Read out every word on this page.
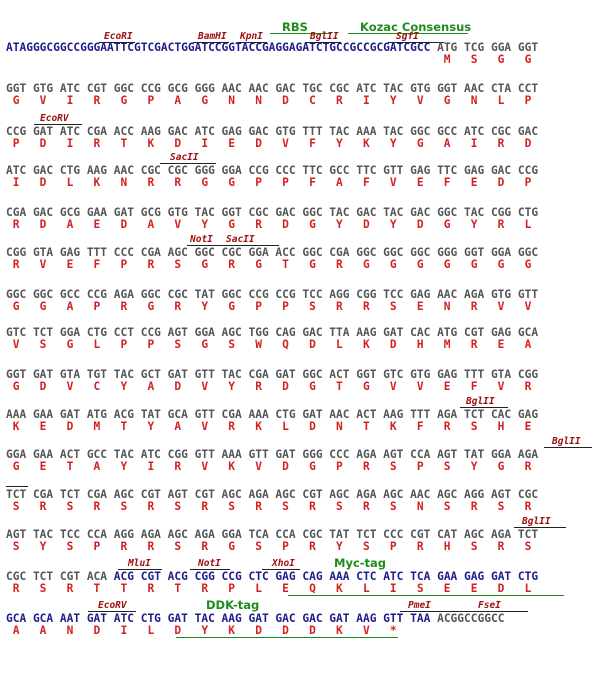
RBS	Kozac Consensus
EcoRI	BamHI KpnI	BglII	SgfI
ATAGGGCGGCCGGGAATTCGTCGACTGGATCCGGTACCGAGGAGATCTGCCGCCGCGATCGCC ATG TCG GGA GGT
M   S   G   G
GGT GTG ATC CGT GGC CCG GCG GGG AAC AAC GAC TGC CGC ATC TAC GTG GGT AAC CTA CCT
G   V   I   R   G   P   A   G   N   N   D   C   R   I   Y   V   G   N   L   P
EcoRV
CCG GAT ATC CGA ACC AAG GAC ATC GAG GAC GTG TTT TAC AAA TAC GGC GCC ATC CGC GAC
P   D   I   R   T   K   D   I   E   D   V   F   Y   K   Y   G   A   I   R   D
SacII
ATC GAC CTG AAG AAC CGC CGC GGG GGA CCG CCC TTC GCC TTC GTT GAG TTC GAG GAC CCG
I   D   L   K   N   R   R   G   G   P   P   F   A   F   V   E   F   E   D   P
CGA GAC GCG GAA GAT GCG GTG TAC GGT CGC GAC GGC TAC GAC TAC GAC GGC TAC CGG CTG
R   D   A   E   D   A   V   Y   G   R   D   G   Y   D   Y   D   G   Y   R   L
NotI SacII
CGG GTA GAG TTT CCC CGA AGC GGC CGC GGA ACC GGC CGA GGC GGC GGC GGG GGT GGA GGC
R   V   E   F   P   R   S   G   R   G   T   G   R   G   G   G   G   G   G   G
GGC GGC GCC CCG AGA GGC CGC TAT GGC CCG CCG TCC AGG CGG TCC GAG AAC AGA GTG GTT
G   G   A   P   R   G   R   Y   G   P   P   S   R   R   S   E   N   R   V   V
GTC TCT GGA CTG CCT CCG AGT GGA AGC TGG CAG GAC TTA AAG GAT CAC ATG CGT GAG GCA
V   S   G   L   P   P   S   G   S   W   Q   D   L   K   D   H   M   R   E   A
GGT GAT GTA TGT TAC GCT GAT GTT TAC CGA GAT GGC ACT GGT GTC GTG GAG TTT GTA CGG
G   D   V   C   Y   A   D   V   Y   R   D   G   T   G   V   V   E   F   V   R
BglII
AAA GAA GAT ATG ACG TAT GCA GTT CGA AAA CTG GAT AAC ACT AAG TTT AGA TCT CAC GAG
K   E   D   M   T   Y   A   V   R   K   L   D   N   T   K   F   R   S   H   E
BglII
GGA GAA ACT GCC TAC ATC CGG GTT AAA GTT GAT GGG CCC AGA AGT CCA AGT TAT GGA AGA
G   E   T   A   Y   I   R   V   K   V   D   G   P   R   S   P   S   Y   G   R
TCT CGA TCT CGA AGC CGT AGT CGT AGC AGA AGC CGT AGC AGA AGC AAC AGC AGG AGT CGC
S   R   S   R   S   R   S   R   S   R   S   R   S   R   S   N   S   R   S   R
BglII
AGT TAC TCC CCA AGG AGA AGC AGA GGA TCA CCA CGC TAT TCT CCC CGT CAT AGC AGA TCT
S   Y   S   P   R   R   S   R   G   S   P   R   Y   S   P   R   H   S   R   S
MluI	NotI	XhoI	Myc-tag
CGC TCT CGT ACA ACG CGT ACG CGG CCG CTC GAG CAG AAA CTC ATC TCA GAA GAG GAT CTG
R   S   R   T   T   R   T   R   P   L   E   Q   K   L   I   S   E   E   D   L
EcoRV	DDK-tag	PmeI	FseI
GCA GCA AAT GAT ATC CTG GAT TAC AAG GAT GAC GAC GAT AAG GTT TAA ACGGCCGGCC
A   A   N   D   I   L   D   Y   K   D   D   D   K   V   *
